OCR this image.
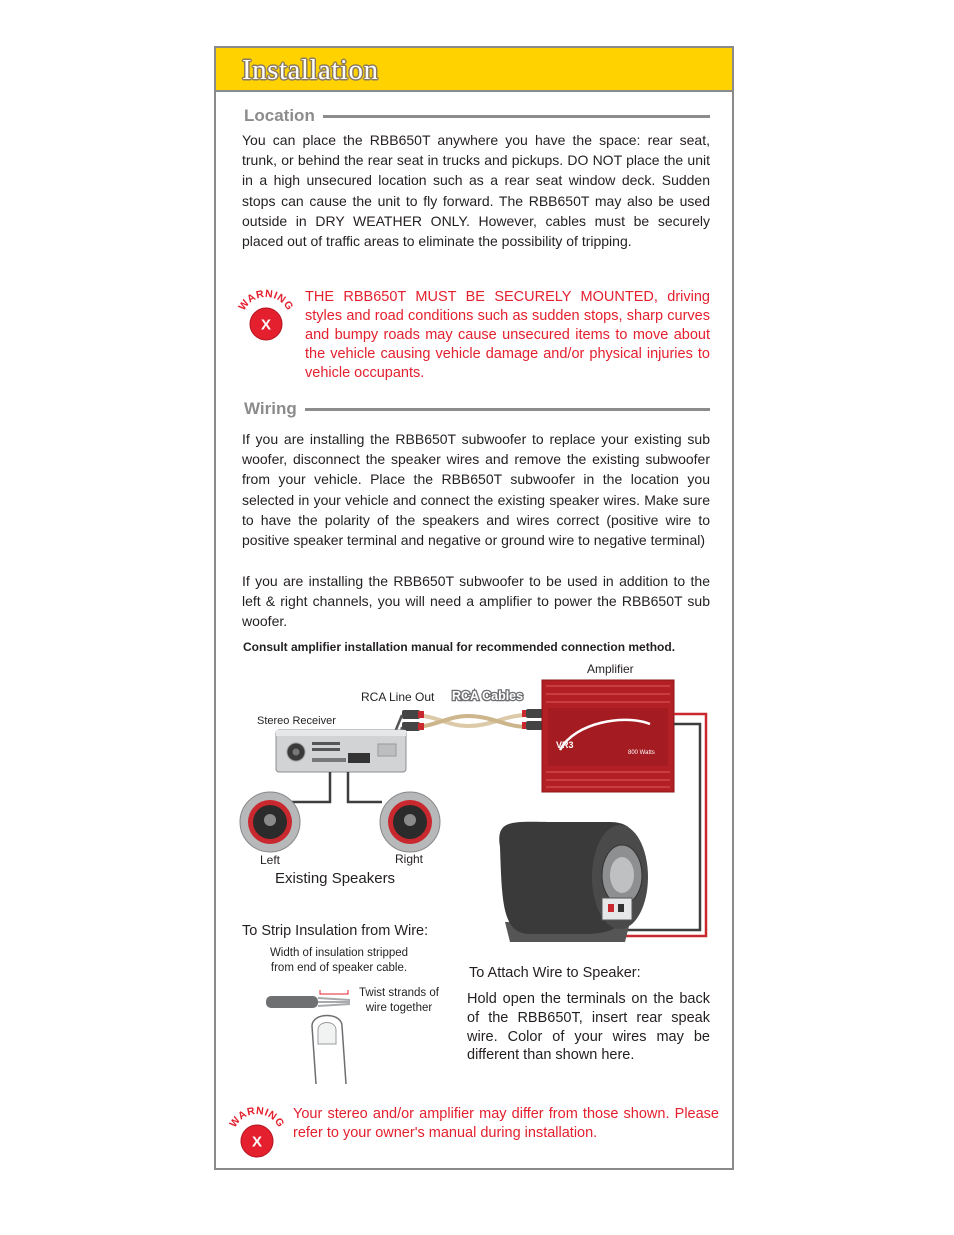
Installation
Location
You can place the RBB650T anywhere you have the space: rear seat, trunk, or behind the rear seat in trucks and pickups. DO NOT place the unit in a high unsecured location such as a rear seat window deck. Sudden stops can cause the unit to fly forward. The RBB650T may also be used outside in DRY WEATHER ONLY. However, cables must be securely placed out of traffic areas to eliminate the possibility of tripping.
WARNING
X
THE RBB650T MUST BE SECURELY MOUNTED, driving styles and road conditions such as sudden stops, sharp curves and bumpy roads may cause unsecured items to move about the vehicle causing vehicle damage and/or physical injuries to vehicle occupants.
Wiring
If you are installing the RBB650T subwoofer to replace your existing sub woofer, disconnect the speaker wires and remove the existing subwoofer from your vehicle. Place the RBB650T subwoofer in the location you selected in your vehicle and connect the existing speaker wires. Make sure to have the polarity of the speakers and wires correct (positive wire to positive speaker terminal and negative or ground wire to negative terminal)
If you are installing the RBB650T subwoofer to be used in addition to the left & right channels, you will need a amplifier to power the RBB650T sub woofer.
Consult amplifier installation manual for recommended connection method.
Amplifier
RCA Line Out
Stereo Receiver
Left	Right
Existing Speakers
RCA Cables
VR3
800 Watts
To Strip Insulation from Wire:
Width of insulation stripped from end of speaker cable.
Twist strands of wire together
To Attach Wire to Speaker:
Hold open the terminals on the back of the RBB650T, insert rear speak wire. Color of your wires may be different than shown here.
WARNING
X
Your stereo and/or amplifier may differ from those shown. Please refer to your owner's manual during installation.
